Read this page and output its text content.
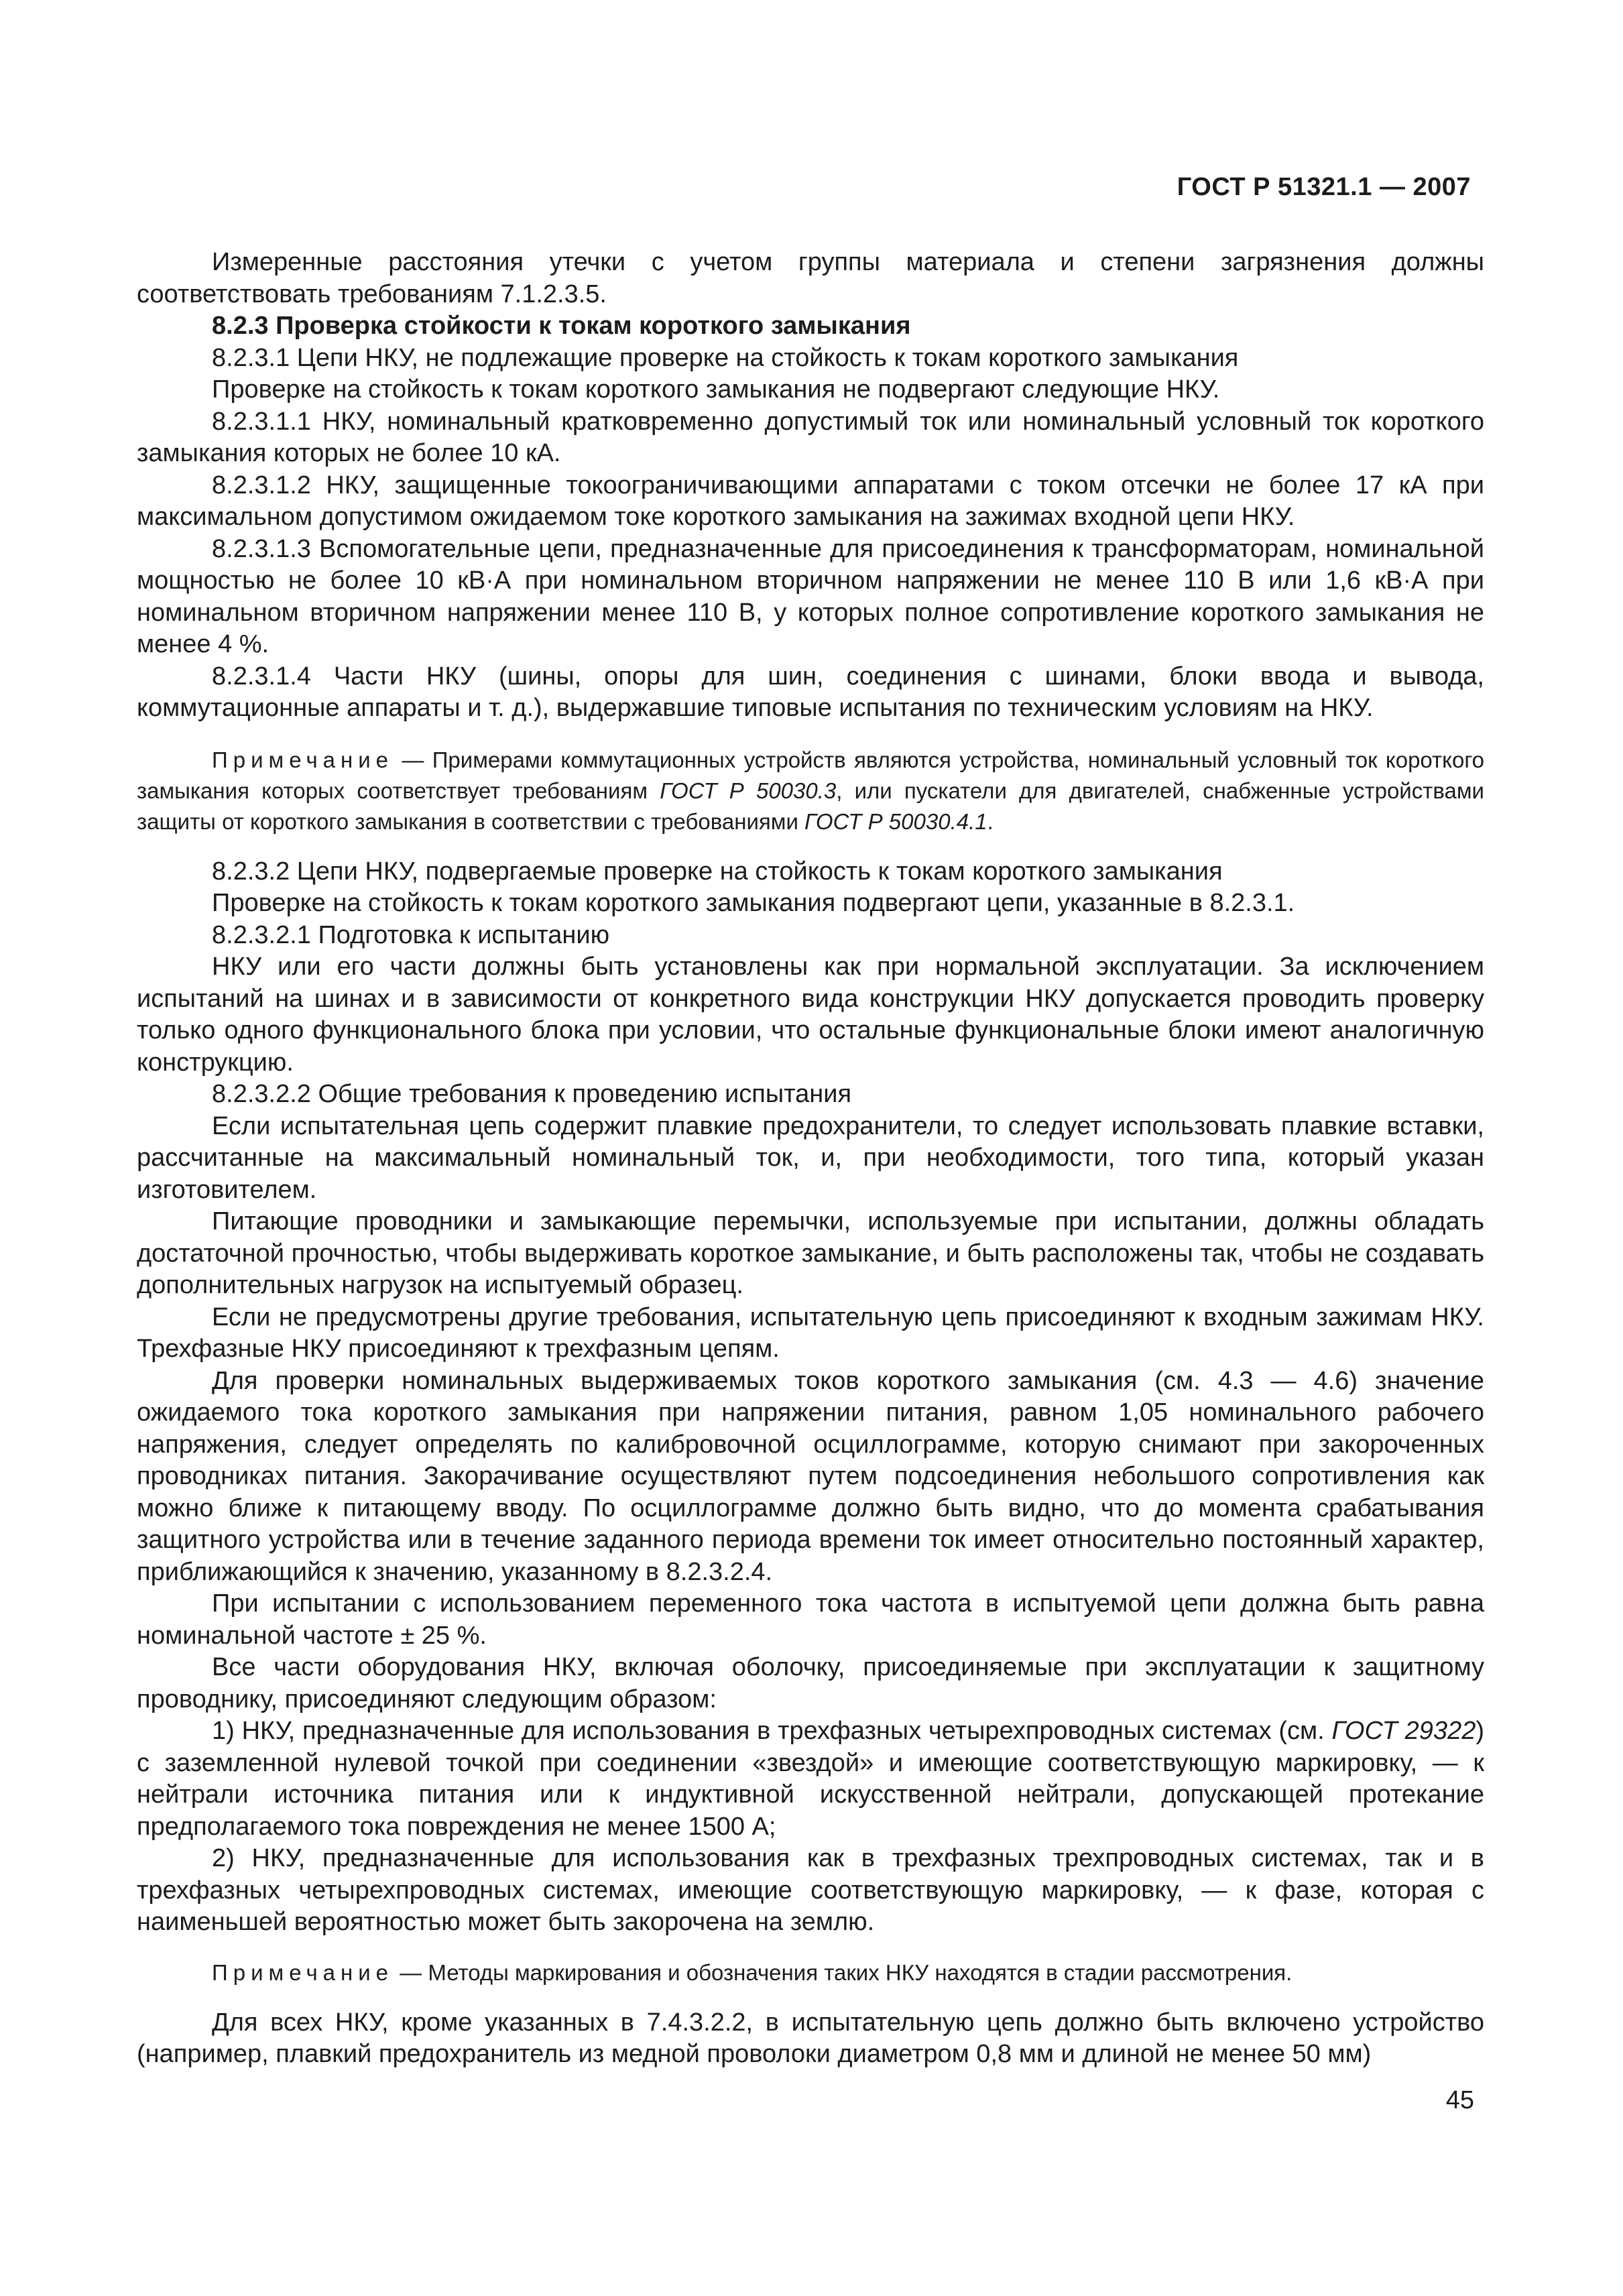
ГОСТ Р 51321.1 — 2007

Измеренные расстояния утечки с учетом группы материала и степени загрязнения должны соответствовать требованиям 7.1.2.3.5.

8.2.3 Проверка стойкости к токам короткого замыкания

8.2.3.1 Цепи НКУ, не подлежащие проверке на стойкость к токам короткого замыкания

Проверке на стойкость к токам короткого замыкания не подвергают следующие НКУ.

8.2.3.1.1 НКУ, номинальный кратковременно допустимый ток или номинальный условный ток короткого замыкания которых не более 10 кА.

8.2.3.1.2 НКУ, защищенные токоограничивающими аппаратами с током отсечки не более 17 кА при максимальном допустимом ожидаемом токе короткого замыкания на зажимах входной цепи НКУ.

8.2.3.1.3 Вспомогательные цепи, предназначенные для присоединения к трансформаторам, номинальной мощностью не более 10 кВ·А при номинальном вторичном напряжении не менее 110 В или 1,6 кВ·А при номинальном вторичном напряжении менее 110 В, у которых полное сопротивление короткого замыкания не менее 4 %.

8.2.3.1.4 Части НКУ (шины, опоры для шин, соединения с шинами, блоки ввода и вывода, коммутационные аппараты и т. д.), выдержавшие типовые испытания по техническим условиям на НКУ.

Примечание — Примерами коммутационных устройств являются устройства, номинальный условный ток короткого замыкания которых соответствует требованиям ГОСТ Р 50030.3, или пускатели для двигателей, снабженные устройствами защиты от короткого замыкания в соответствии с требованиями ГОСТ Р 50030.4.1.

8.2.3.2 Цепи НКУ, подвергаемые проверке на стойкость к токам короткого замыкания

Проверке на стойкость к токам короткого замыкания подвергают цепи, указанные в 8.2.3.1.

8.2.3.2.1 Подготовка к испытанию

НКУ или его части должны быть установлены как при нормальной эксплуатации. За исключением испытаний на шинах и в зависимости от конкретного вида конструкции НКУ допускается проводить проверку только одного функционального блока при условии, что остальные функциональные блоки имеют аналогичную конструкцию.

8.2.3.2.2 Общие требования к проведению испытания

Если испытательная цепь содержит плавкие предохранители, то следует использовать плавкие вставки, рассчитанные на максимальный номинальный ток, и, при необходимости, того типа, который указан изготовителем.

Питающие проводники и замыкающие перемычки, используемые при испытании, должны обладать достаточной прочностью, чтобы выдерживать короткое замыкание, и быть расположены так, чтобы не создавать дополнительных нагрузок на испытуемый образец.

Если не предусмотрены другие требования, испытательную цепь присоединяют к входным зажимам НКУ. Трехфазные НКУ присоединяют к трехфазным цепям.

Для проверки номинальных выдерживаемых токов короткого замыкания (см. 4.3 — 4.6) значение ожидаемого тока короткого замыкания при напряжении питания, равном 1,05 номинального рабочего напряжения, следует определять по калибровочной осциллограмме, которую снимают при закороченных проводниках питания. Закорачивание осуществляют путем подсоединения небольшого сопротивления как можно ближе к питающему вводу. По осциллограмме должно быть видно, что до момента срабатывания защитного устройства или в течение заданного периода времени ток имеет относительно постоянный характер, приближающийся к значению, указанному в 8.2.3.2.4.

При испытании с использованием переменного тока частота в испытуемой цепи должна быть равна номинальной частоте ± 25 %.

Все части оборудования НКУ, включая оболочку, присоединяемые при эксплуатации к защитному проводнику, присоединяют следующим образом:

1) НКУ, предназначенные для использования в трехфазных четырехпроводных системах (см. ГОСТ 29322) с заземленной нулевой точкой при соединении «звездой» и имеющие соответствующую маркировку, — к нейтрали источника питания или к индуктивной искусственной нейтрали, допускающей протекание предполагаемого тока повреждения не менее 1500 А;

2) НКУ, предназначенные для использования как в трехфазных трехпроводных системах, так и в трехфазных четырехпроводных системах, имеющие соответствующую маркировку, — к фазе, которая с наименьшей вероятностью может быть закорочена на землю.

Примечание — Методы маркирования и обозначения таких НКУ находятся в стадии рассмотрения.

Для всех НКУ, кроме указанных в 7.4.3.2.2, в испытательную цепь должно быть включено устройство (например, плавкий предохранитель из медной проволоки диаметром 0,8 мм и длиной не менее 50 мм)

45
